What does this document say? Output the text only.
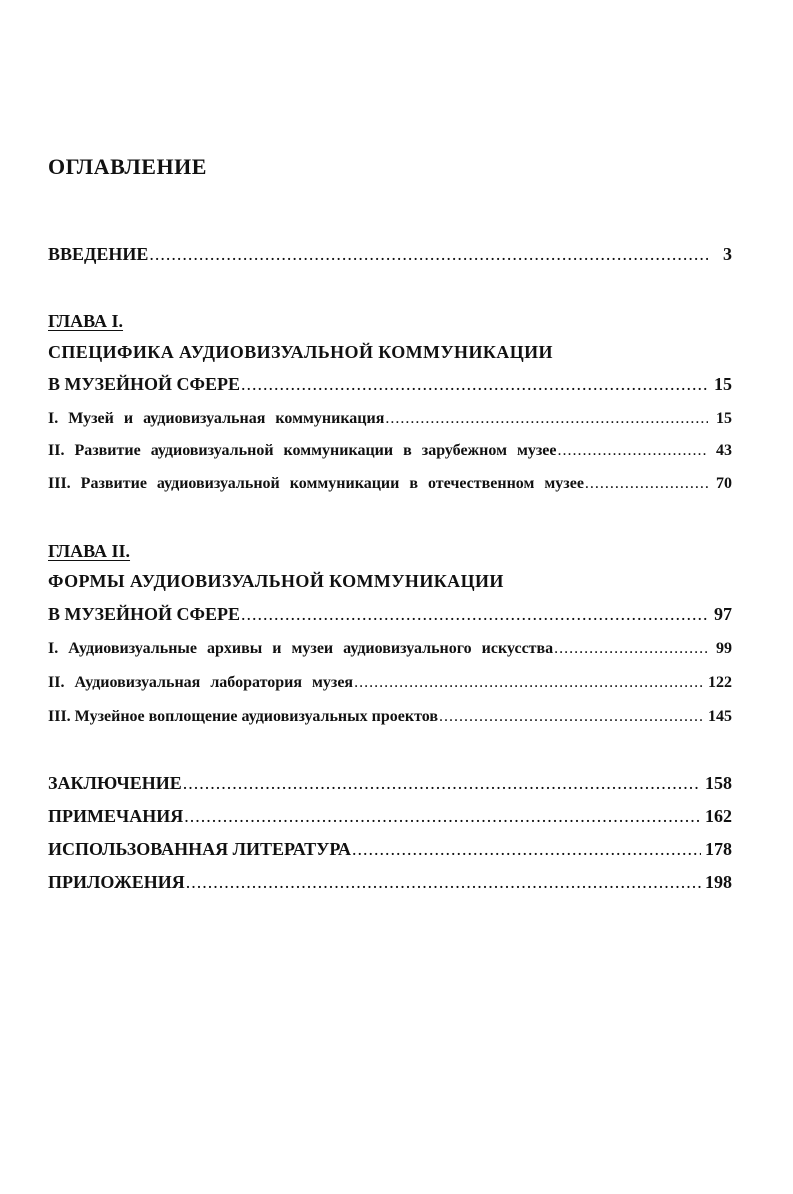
ОГЛАВЛЕНИЕ
ВВЕДЕНИЕ .....	3
ГЛАВА I.
СПЕЦИФИКА АУДИОВИЗУАЛЬНОЙ КОММУНИКАЦИИ
В МУЗЕЙНОЙ СФЕРЕ .....	15
I. Музей и аудиовизуальная коммуникация .....	15
II. Развитие аудиовизуальной коммуникации в зарубежном музее .....	43
III. Развитие аудиовизуальной коммуникации в отечественном музее .....	70
ГЛАВА II.
ФОРМЫ АУДИОВИЗУАЛЬНОЙ КОММУНИКАЦИИ
В МУЗЕЙНОЙ СФЕРЕ .....	97
I. Аудиовизуальные архивы и музеи аудиовизуального искусства .....	99
II. Аудиовизуальная лаборатория музея .....	122
III. Музейное воплощение аудиовизуальных проектов .....	145
ЗАКЛЮЧЕНИЕ .....	158
ПРИМЕЧАНИЯ .....	162
ИСПОЛЬЗОВАННАЯ ЛИТЕРАТУРА .....	178
ПРИЛОЖЕНИЯ .....	198
